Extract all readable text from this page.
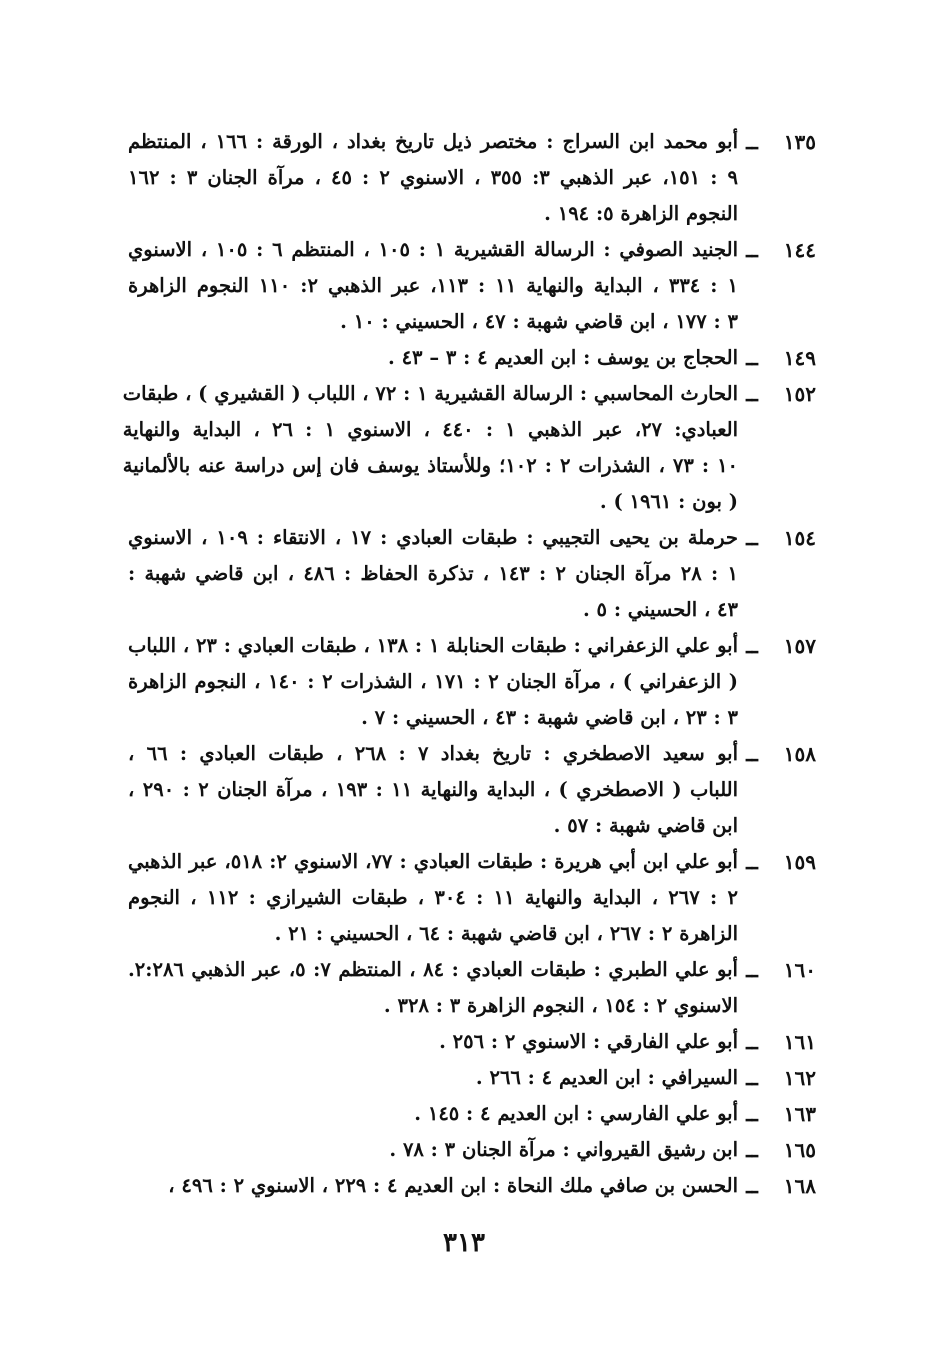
١٣٥
ــ
أبو محمد ابن السراج : مختصر ذيل تاريخ بغداد ، الورقة : ١٦٦ ، المنتظم
٩ : ١٥١، عبر الذهبي ٣: ٣٥٥ ، الاسنوي ٢ : ٤٥ ، مرآة الجنان ٣ : ١٦٢
النجوم الزاهرة ٥: ١٩٤ .
١٤٤
ــ
الجنيد الصوفي : الرسالة القشيرية ١ : ١٠٥ ، المنتظم ٦ : ١٠٥ ، الاسنوي
١ : ٣٣٤ ، البداية والنهاية ١١ : ١١٣، عبر الذهبي ٢: ١١٠ النجوم الزاهرة
٣ : ١٧٧ ، ابن قاضي شهبة : ٤٧ ، الحسيني : ١٠ .
١٤٩
ــ
الحجاج بن يوسف : ابن العديم ٤ : ٣ – ٤٣ .
١٥٢
ــ
الحارث المحاسبي : الرسالة القشيرية ١ : ٧٢ ، اللباب ( القشيري ) ، طبقات
العبادي: ٢٧، عبر الذهبي ١ : ٤٤٠ ، الاسنوي ١ : ٢٦ ، البداية والنهاية
١٠ : ٧٣ ، الشذرات ٢ : ١٠٢؛ وللأستاذ يوسف فان إس دراسة عنه بالألمانية
( بون : ١٩٦١ ) .
١٥٤
ــ
حرملة بن يحيى التجيبي : طبقات العبادي : ١٧ ، الانتقاء : ١٠٩ ، الاسنوي
١ : ٢٨ مرآة الجنان ٢ : ١٤٣ ، تذكرة الحفاظ : ٤٨٦ ، ابن قاضي شهبة :
٤٣ ، الحسيني : ٥ .
١٥٧
ــ
أبو علي الزعفراني : طبقات الحنابلة ١ : ١٣٨ ، طبقات العبادي : ٢٣ ، اللباب
( الزعفراني ) ، مرآة الجنان ٢ : ١٧١ ، الشذرات ٢ : ١٤٠ ، النجوم الزاهرة
٣ : ٢٣ ، ابن قاضي شهبة : ٤٣ ، الحسيني : ٧ .
١٥٨
ــ
أبو سعيد الاصطخري : تاريخ بغداد ٧ : ٢٦٨ ، طبقات العبادي : ٦٦ ،
اللباب ( الاصطخري ) ، البداية والنهاية ١١ : ١٩٣ ، مرآة الجنان ٢ : ٢٩٠ ،
ابن قاضي شهبة : ٥٧ .
١٥٩
ــ
أبو علي ابن أبي هريرة : طبقات العبادي : ٧٧، الاسنوي ٢: ٥١٨، عبر الذهبي
٢ : ٢٦٧ ، البداية والنهاية ١١ : ٣٠٤ ، طبقات الشيرازي : ١١٢ ، النجوم
الزاهرة ٢ : ٢٦٧ ، ابن قاضي شهبة : ٦٤ ، الحسيني : ٢١ .
١٦٠
ــ
أبو علي الطبري : طبقات العبادي : ٨٤ ، المنتظم ٧: ٥، عبر الذهبي ٢:٢٨٦.
الاسنوي ٢ : ١٥٤ ، النجوم الزاهرة ٣ : ٣٢٨ .
١٦١
ــ
أبو علي الفارقي : الاسنوي ٢ : ٢٥٦ .
١٦٢
ــ
السيرافي : ابن العديم ٤ : ٢٦٦ .
١٦٣
ــ
أبو علي الفارسي : ابن العديم ٤ : ١٤٥ .
١٦٥
ــ
ابن رشيق القيرواني : مرآة الجنان ٣ : ٧٨ .
١٦٨
ــ
الحسن بن صافي ملك النحاة : ابن العديم ٤ : ٢٢٩ ، الاسنوي ٢ : ٤٩٦ ،
٣١٣
